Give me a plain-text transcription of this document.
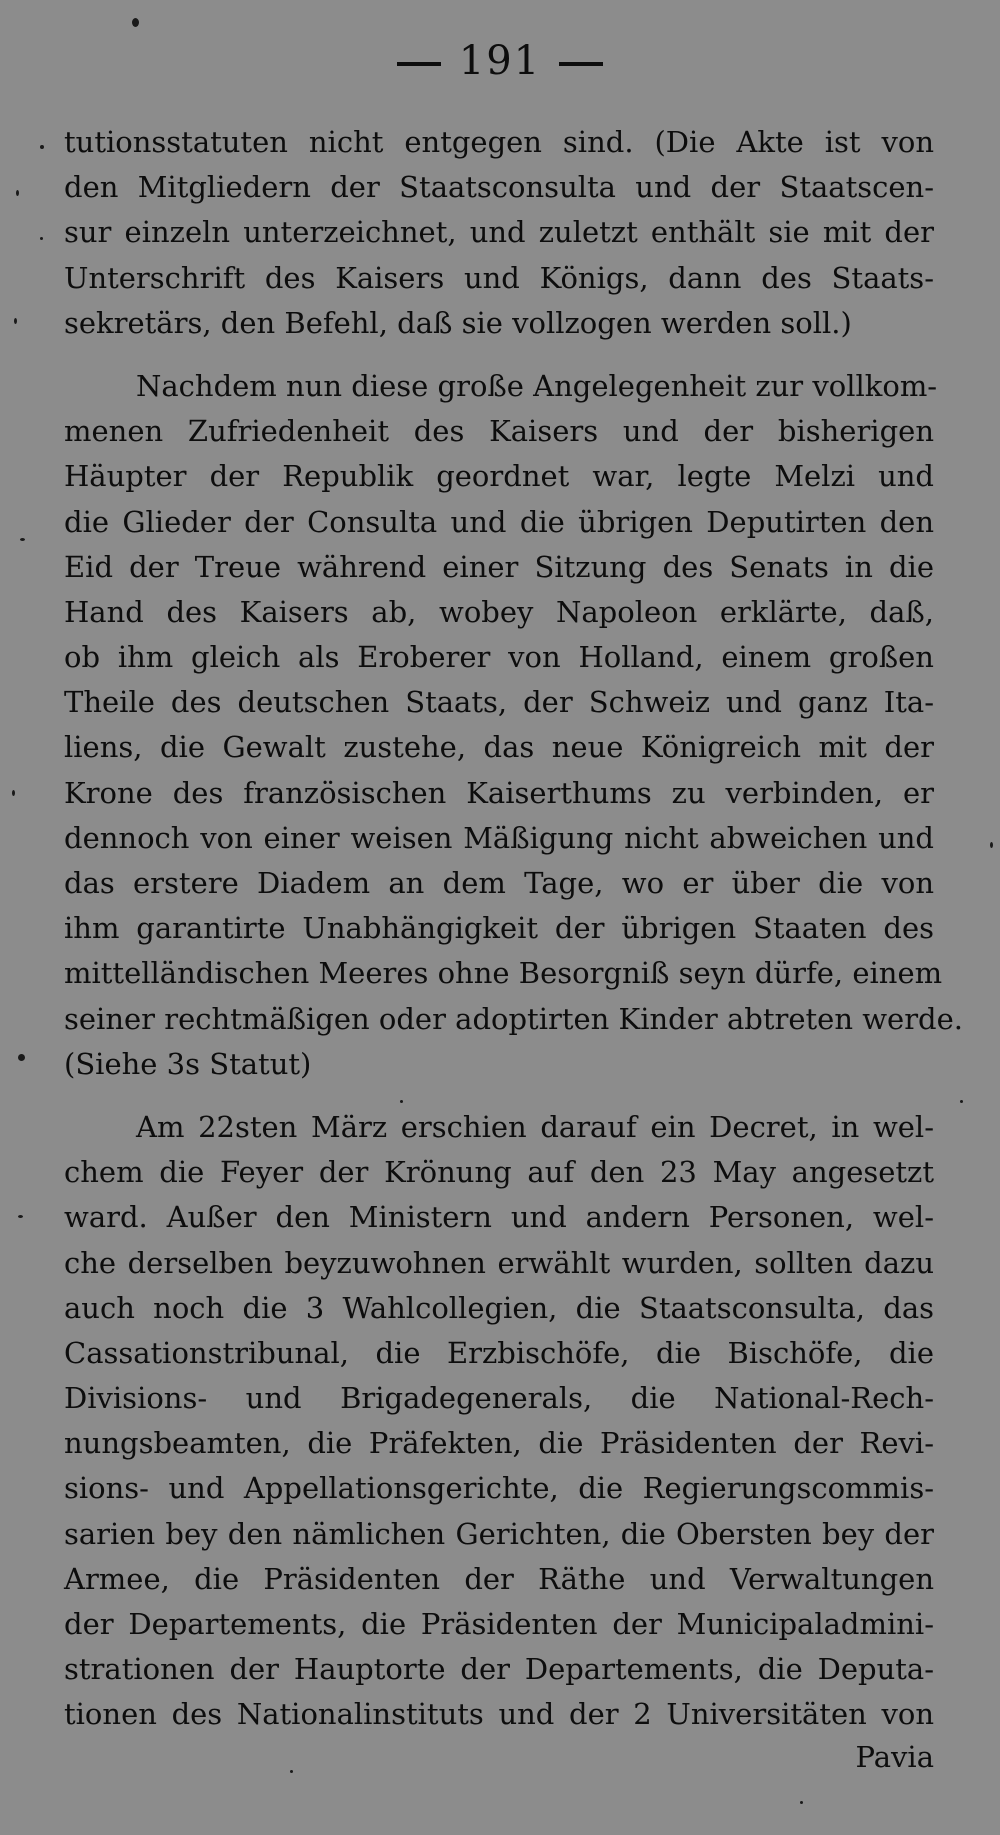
191
tutionsstatuten nicht entgegen sind. (Die Akte ist von
den Mitgliedern der Staatsconsulta und der Staatscen-
sur einzeln unterzeichnet, und zuletzt enthält sie mit der
Unterschrift des Kaisers und Königs, dann des Staats-
sekretärs, den Befehl, daß sie vollzogen werden soll.)
Nachdem nun diese große Angelegenheit zur vollkom-
menen Zufriedenheit des Kaisers und der bisherigen
Häupter der Republik geordnet war, legte Melzi und
die Glieder der Consulta und die übrigen Deputirten den
Eid der Treue während einer Sitzung des Senats in die
Hand des Kaisers ab, wobey Napoleon erklärte, daß,
ob ihm gleich als Eroberer von Holland, einem großen
Theile des deutschen Staats, der Schweiz und ganz Ita-
liens, die Gewalt zustehe, das neue Königreich mit der
Krone des französischen Kaiserthums zu verbinden, er
dennoch von einer weisen Mäßigung nicht abweichen und
das erstere Diadem an dem Tage, wo er über die von
ihm garantirte Unabhängigkeit der übrigen Staaten des
mittelländischen Meeres ohne Besorgniß seyn dürfe, einem
seiner rechtmäßigen oder adoptirten Kinder abtreten werde.
(Siehe 3s Statut)
Am 22sten März erschien darauf ein Decret, in wel-
chem die Feyer der Krönung auf den 23 May angesetzt
ward. Außer den Ministern und andern Personen, wel-
che derselben beyzuwohnen erwählt wurden, sollten dazu
auch noch die 3 Wahlcollegien, die Staatsconsulta, das
Cassationstribunal, die Erzbischöfe, die Bischöfe, die
Divisions- und Brigadegenerals, die National-Rech-
nungsbeamten, die Präfekten, die Präsidenten der Revi-
sions- und Appellationsgerichte, die Regierungscommis-
sarien bey den nämlichen Gerichten, die Obersten bey der
Armee, die Präsidenten der Räthe und Verwaltungen
der Departements, die Präsidenten der Municipaladmini-
strationen der Hauptorte der Departements, die Deputa-
tionen des Nationalinstituts und der 2 Universitäten von
Pavia
